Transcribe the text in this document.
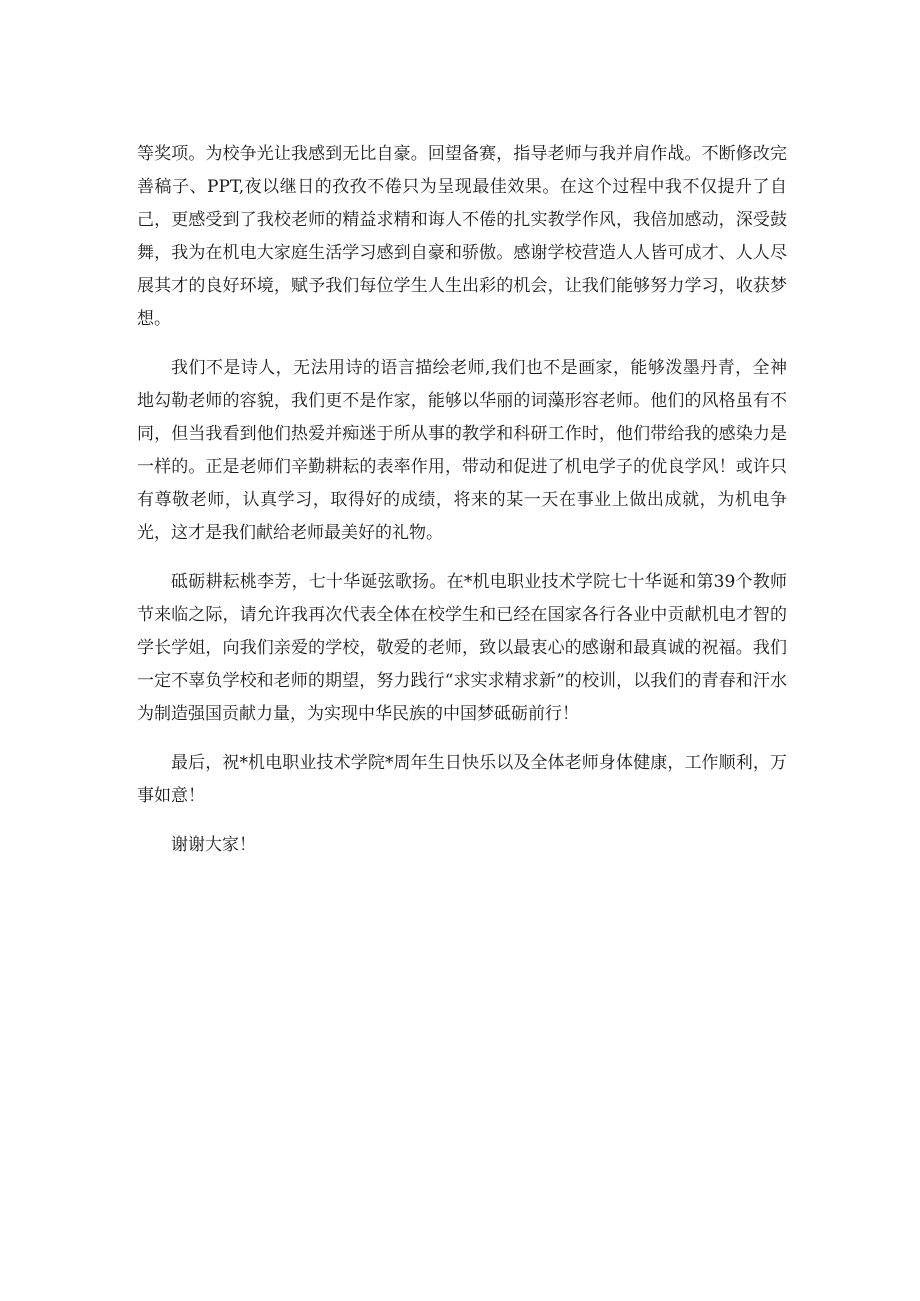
等奖项。为校争光让我感到无比自豪。回望备赛，指导老师与我并肩作战。不断修改完善稿子、PPT,夜以继日的孜孜不倦只为呈现最佳效果。在这个过程中我不仅提升了自己，更感受到了我校老师的精益求精和诲人不倦的扎实教学作风，我倍加感动，深受鼓舞，我为在机电大家庭生活学习感到自豪和骄傲。感谢学校营造人人皆可成才、人人尽展其才的良好环境，赋予我们每位学生人生出彩的机会，让我们能够努力学习，收获梦想。

我们不是诗人，无法用诗的语言描绘老师,我们也不是画家，能够泼墨丹青，全神地勾勒老师的容貌，我们更不是作家，能够以华丽的词藻形容老师。他们的风格虽有不同，但当我看到他们热爱并痴迷于所从事的教学和科研工作时，他们带给我的感染力是一样的。正是老师们辛勤耕耘的表率作用，带动和促进了机电学子的优良学风！或许只有尊敬老师，认真学习，取得好的成绩，将来的某一天在事业上做出成就，为机电争光，这才是我们献给老师最美好的礼物。

砥砺耕耘桃李芳，七十华诞弦歌扬。在*机电职业技术学院七十华诞和第39个教师节来临之际，请允许我再次代表全体在校学生和已经在国家各行各业中贡献机电才智的学长学姐，向我们亲爱的学校，敬爱的老师，致以最衷心的感谢和最真诚的祝福。我们一定不辜负学校和老师的期望，努力践行“求实求精求新”的校训，以我们的青春和汗水为制造强国贡献力量，为实现中华民族的中国梦砥砺前行！

最后，祝*机电职业技术学院*周年生日快乐以及全体老师身体健康，工作顺利，万事如意！

谢谢大家！
